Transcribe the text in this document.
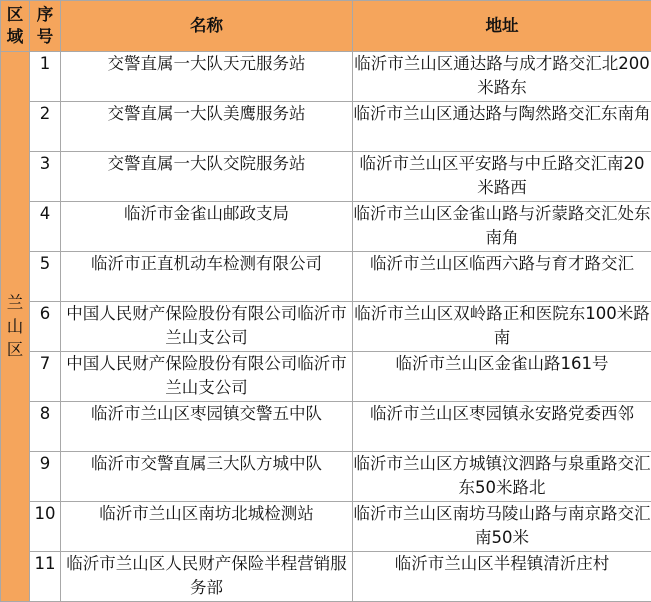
区域	序号	名称	地址
兰山区	1	交警直属一大队天元服务站	临沂市兰山区通达路与成才路交汇北200米路东
	2	交警直属一大队美鹰服务站	临沂市兰山区通达路与陶然路交汇东南角
	3	交警直属一大队交院服务站	临沂市兰山区平安路与中丘路交汇南20米路西
	4	临沂市金雀山邮政支局	临沂市兰山区金雀山路与沂蒙路交汇处东南角
	5	临沂市正直机动车检测有限公司	临沂市兰山区临西六路与育才路交汇
	6	中国人民财产保险股份有限公司临沂市兰山支公司	临沂市兰山区双岭路正和医院东100米路南
	7	中国人民财产保险股份有限公司临沂市兰山支公司	临沂市兰山区金雀山路161号
	8	临沂市兰山区枣园镇交警五中队	临沂市兰山区枣园镇永安路党委西邻
	9	临沂市交警直属三大队方城中队	临沂市兰山区方城镇汶泗路与泉重路交汇东50米路北
	10	临沂市兰山区南坊北城检测站	临沂市兰山区南坊马陵山路与南京路交汇南50米
	11	临沂市兰山区人民财产保险半程营销服务部	临沂市兰山区半程镇清沂庄村
